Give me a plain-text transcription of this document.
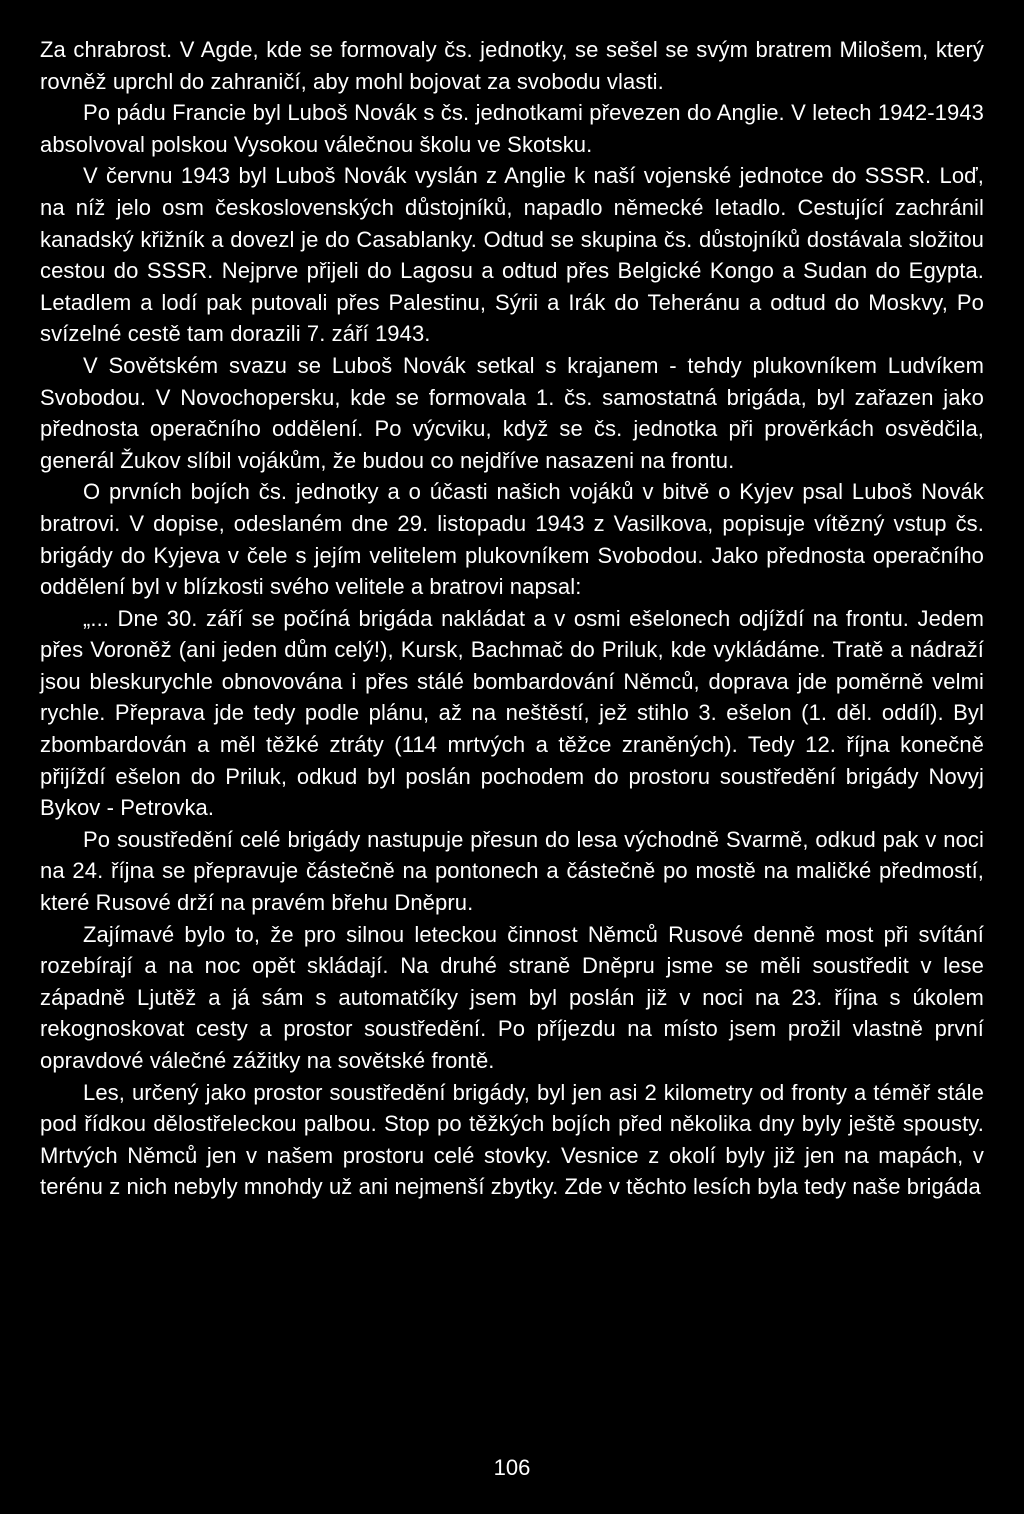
Za chrabrost. V Agde, kde se formovaly čs. jednotky, se sešel se svým bratrem Milošem, který rovněž uprchl do zahraničí, aby mohl bojovat za svobodu vlasti.

Po pádu Francie byl Luboš Novák s čs. jednotkami převezen do Anglie. V letech 1942-1943 absolvoval polskou Vysokou válečnou školu ve Skotsku.

V červnu 1943 byl Luboš Novák vyslán z Anglie k naší vojenské jednotce do SSSR. Loď, na níž jelo osm československých důstojníků, napadlo německé letadlo. Cestující zachránil kanadský křižník a dovezl je do Casablanky. Odtud se skupina čs. důstojníků dostávala složitou cestou do SSSR. Nejprve přijeli do Lagosu a odtud přes Belgické Kongo a Sudan do Egypta. Letadlem a lodí pak putovali přes Palestinu, Sýrii a Irák do Teheránu a odtud do Moskvy, Po svízelné cestě tam dorazili 7. září 1943.

V Sovětském svazu se Luboš Novák setkal s krajanem - tehdy plukovníkem Ludvíkem Svobodou. V Novochopersku, kde se formovala 1. čs. samostatná brigáda, byl zařazen jako přednosta operačního oddělení. Po výcviku, když se čs. jednotka při prověrkách osvědčila, generál Žukov slíbil vojákům, že budou co nejdříve nasazeni na frontu.

O prvních bojích čs. jednotky a o účasti našich vojáků v bitvě o Kyjev psal Luboš Novák bratrovi. V dopise, odeslaném dne 29. listopadu 1943 z Vasilkova, popisuje vítězný vstup čs. brigády do Kyjeva v čele s jejím velitelem plukovníkem Svobodou. Jako přednosta operačního oddělení byl v blízkosti svého velitele a bratrovi napsal:

„... Dne 30. září se počíná brigáda nakládat a v osmi ešelonech odjíždí na frontu. Jedem přes Voroněž (ani jeden dům celý!), Kursk, Bachmač do Priluk, kde vykládáme. Tratě a nádraží jsou bleskurychle obnovována i přes stálé bombardování Němců, doprava jde poměrně velmi rychle. Přeprava jde tedy podle plánu, až na neštěstí, jež stihlo 3. ešelon (1. děl. oddíl). Byl zbombardován a měl těžké ztráty (114 mrtvých a těžce zraněných). Tedy 12. října konečně přijíždí ešelon do Priluk, odkud byl poslán pochodem do prostoru soustředění brigády Novyj Bykov - Petrovka.

Po soustředění celé brigády nastupuje přesun do lesa východně Svarmě, odkud pak v noci na 24. října se přepravuje částečně na pontonech a částečně po mostě na maličké předmostí, které Rusové drží na pravém břehu Dněpru.

Zajímavé bylo to, že pro silnou leteckou činnost Němců Rusové denně most při svítání rozebírají a na noc opět skládají. Na druhé straně Dněpru jsme se měli soustředit v lese západně Ljutěž a já sám s automatčíky jsem byl poslán již v noci na 23. října s úkolem rekognoskovat cesty a prostor soustředění. Po příjezdu na místo jsem prožil vlastně první opravdové válečné zážitky na sovětské frontě.

Les, určený jako prostor soustředění brigády, byl jen asi 2 kilometry od fronty a téměř stále pod řídkou dělostřeleckou palbou. Stop po těžkých bojích před několika dny byly ještě spousty. Mrtvých Němců jen v našem prostoru celé stovky. Vesnice z okolí byly již jen na mapách, v terénu z nich nebyly mnohdy už ani nejmenší zbytky. Zde v těchto lesích byla tedy naše brigáda

106
